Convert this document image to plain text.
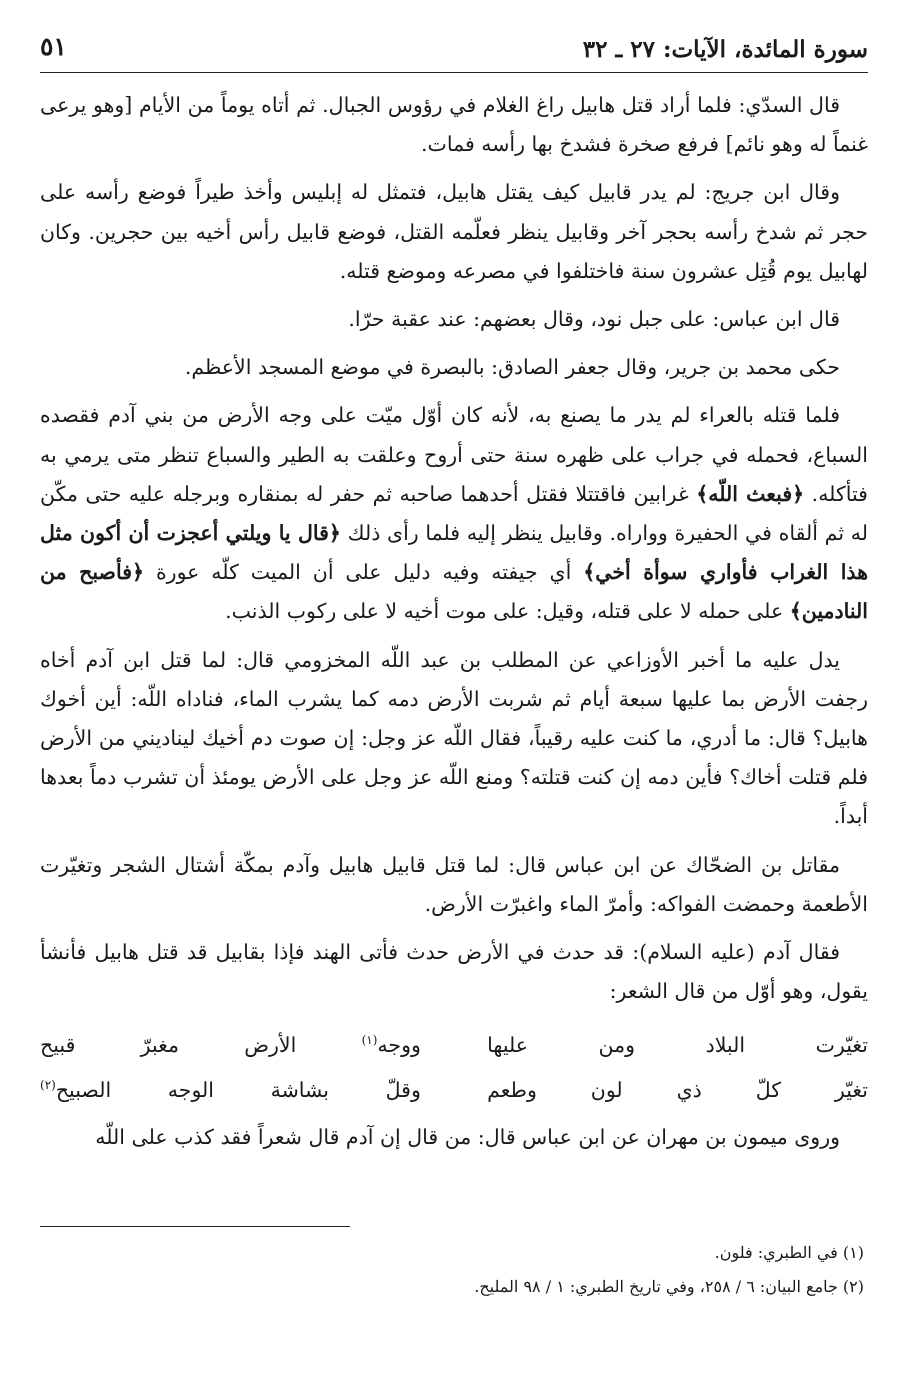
سورة المائدة، الآيات: ٢٧ ـ ٣٢
٥١

قال السدّي: فلما أراد قتل هابيل راغ الغلام في رؤوس الجبال. ثم أتاه يوماً من الأيام [وهو يرعى غنماً له وهو نائم] فرفع صخرة فشدخ بها رأسه فمات.

وقال ابن جريج: لم يدر قابيل كيف يقتل هابيل، فتمثل له إبليس وأخذ طيراً فوضع رأسه على حجر ثم شدخ رأسه بحجر آخر وقابيل ينظر فعلّمه القتل، فوضع قابيل رأس أخيه بين حجرين. وكان لهابيل يوم قُتِل عشرون سنة فاختلفوا في مصرعه وموضع قتله.

قال ابن عباس: على جبل نود، وقال بعضهم: عند عقبة حرّا.

حكى محمد بن جرير، وقال جعفر الصادق: بالبصرة في موضع المسجد الأعظم.

فلما قتله بالعراء لم يدر ما يصنع به، لأنه كان أوّل ميّت على وجه الأرض من بني آدم فقصده السباع، فحمله في جراب على ظهره سنة حتى أروح وعلقت به الطير والسباع تنظر متى يرمي به فتأكله. ﴿فبعث اللّه﴾ غرابين فاقتتلا فقتل أحدهما صاحبه ثم حفر له بمنقاره وبرجله عليه حتى مكّن له ثم ألقاه في الحفيرة وواراه. وقابيل ينظر إليه فلما رأى ذلك ﴿قال يا ويلتي أعجزت أن أكون مثل هذا الغراب فأواري سوأة أخي﴾ أي جيفته وفيه دليل على أن الميت كلّه عورة ﴿فأصبح من النادمين﴾ على حمله لا على قتله، وقيل: على موت أخيه لا على ركوب الذنب.

يدل عليه ما أخبر الأوزاعي عن المطلب بن عبد اللّه المخزومي قال: لما قتل ابن آدم أخاه رجفت الأرض بما عليها سبعة أيام ثم شربت الأرض دمه كما يشرب الماء، فناداه اللّه: أين أخوك هابيل؟ قال: ما أدري، ما كنت عليه رقيباً، فقال اللّه عز وجل: إن صوت دم أخيك ليناديني من الأرض فلم قتلت أخاك؟ فأين دمه إن كنت قتلته؟ ومنع اللّه عز وجل على الأرض يومئذ أن تشرب دماً بعدها أبداً.

مقاتل بن الضحّاك عن ابن عباس قال: لما قتل قابيل هابيل وآدم بمكّة أشتال الشجر وتغيّرت الأطعمة وحمضت الفواكه: وأمرّ الماء واغبرّت الأرض.

فقال آدم (عليه السلام): قد حدث في الأرض حدث فأتى الهند فإذا بقابيل قد قتل هابيل فأنشأ يقول، وهو أوّل من قال الشعر:

تغيّرت البلاد ومن عليها
ووجه$^{(١)}$ الأرض مغبرّ قبيح
تغيّر كلّ ذي لون وطعم
وقلّ بشاشة الوجه الصبيح$^{(٢)}$

وروى ميمون بن مهران عن ابن عباس قال: من قال إن آدم قال شعراً فقد كذب على اللّه

(١) في الطبري: فلون.
(٢) جامع البيان: ٦ / ٢٥٨، وفي تاريخ الطبري: ١ / ٩٨ المليح.
